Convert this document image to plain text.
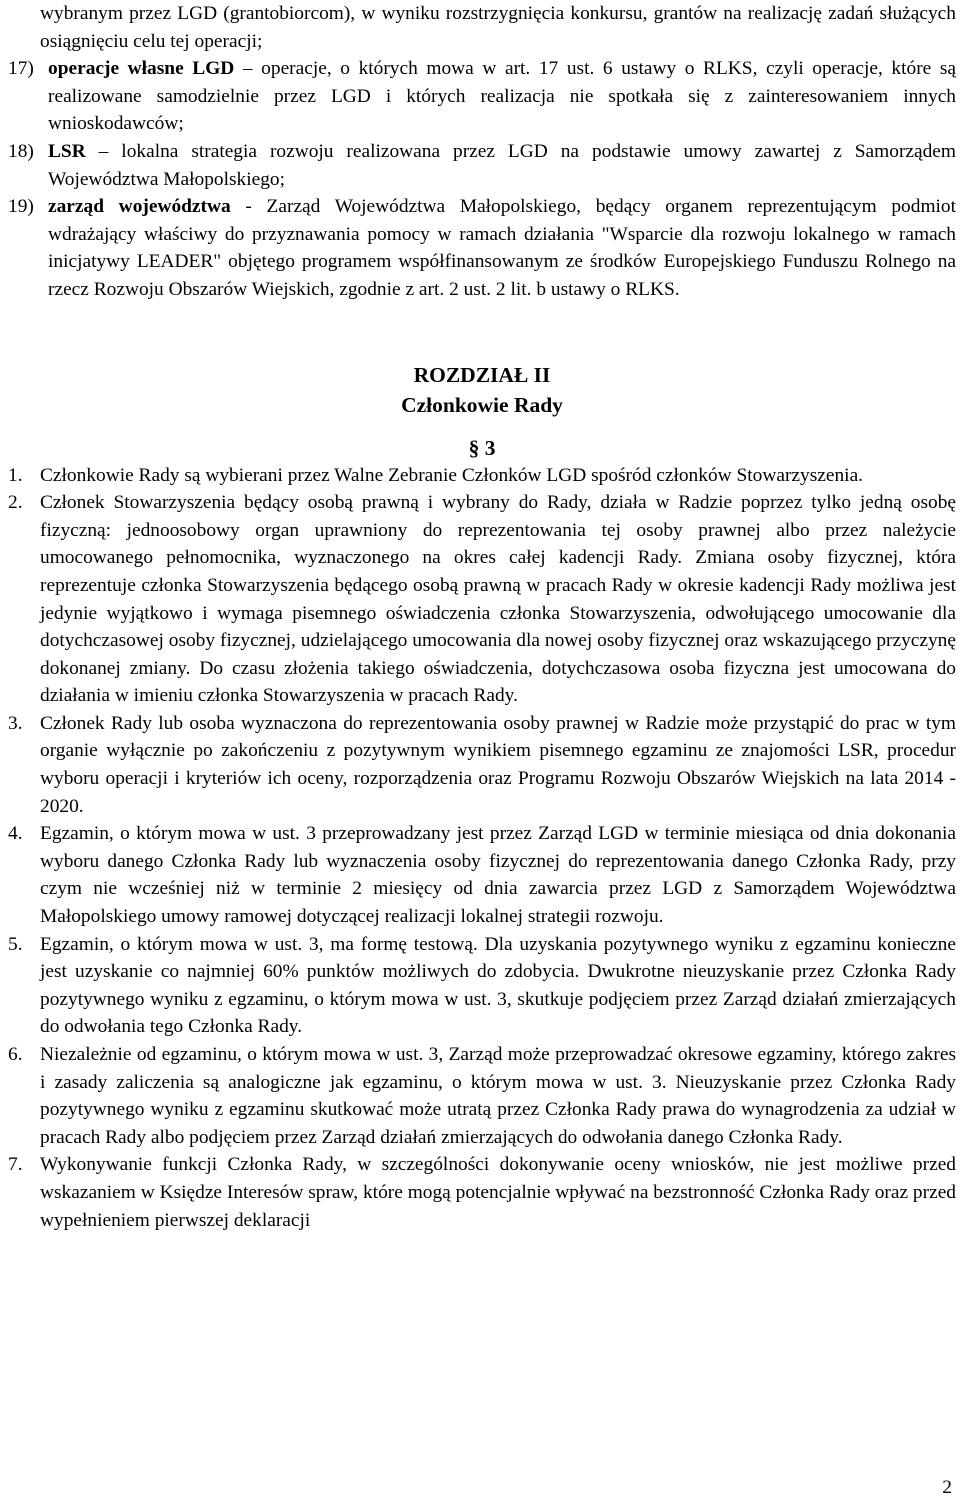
wybranym przez LGD (grantobiorcom), w wyniku rozstrzygnięcia konkursu, grantów na realizację zadań służących osiągnięciu celu tej operacji;

17) operacje własne LGD – operacje, o których mowa w art. 17 ust. 6 ustawy o RLKS, czyli operacje, które są realizowane samodzielnie przez LGD i których realizacja nie spotkała się z zainteresowaniem innych wnioskodawców;
18) LSR – lokalna strategia rozwoju realizowana przez LGD na podstawie umowy zawartej z Samorządem Województwa Małopolskiego;
19) zarząd województwa - Zarząd Województwa Małopolskiego, będący organem reprezentującym podmiot wdrażający właściwy do przyznawania pomocy w ramach działania "Wsparcie dla rozwoju lokalnego w ramach inicjatywy LEADER" objętego programem współfinansowanym ze środków Europejskiego Funduszu Rolnego na rzecz Rozwoju Obszarów Wiejskich, zgodnie z art. 2 ust. 2 lit. b ustawy o RLKS.
ROZDZIAŁ II
Członkowie Rady
§ 3
1. Członkowie Rady są wybierani przez Walne Zebranie Członków LGD spośród członków Stowarzyszenia.
2. Członek Stowarzyszenia będący osobą prawną i wybrany do Rady, działa w Radzie poprzez tylko jedną osobę fizyczną: jednoosobowy organ uprawniony do reprezentowania tej osoby prawnej albo przez należycie umocowanego pełnomocnika, wyznaczonego na okres całej kadencji Rady. Zmiana osoby fizycznej, która reprezentuje członka Stowarzyszenia będącego osobą prawną w pracach Rady w okresie kadencji Rady możliwa jest jedynie wyjątkowo i wymaga pisemnego oświadczenia członka Stowarzyszenia, odwołującego umocowanie dla dotychczasowej osoby fizycznej, udzielającego umocowania dla nowej osoby fizycznej oraz wskazującego przyczynę dokonanej zmiany. Do czasu złożenia takiego oświadczenia, dotychczasowa osoba fizyczna jest umocowana do działania w imieniu członka Stowarzyszenia w pracach Rady.
3. Członek Rady lub osoba wyznaczona do reprezentowania osoby prawnej w Radzie może przystąpić do prac w tym organie wyłącznie po zakończeniu z pozytywnym wynikiem pisemnego egzaminu ze znajomości LSR, procedur wyboru operacji i kryteriów ich oceny, rozporządzenia oraz Programu Rozwoju Obszarów Wiejskich na lata 2014 - 2020.
4. Egzamin, o którym mowa w ust. 3 przeprowadzany jest przez Zarząd LGD w terminie miesiąca od dnia dokonania wyboru danego Członka Rady lub wyznaczenia osoby fizycznej do reprezentowania danego Członka Rady, przy czym nie wcześniej niż w terminie 2 miesięcy od dnia zawarcia przez LGD z Samorządem Województwa Małopolskiego umowy ramowej dotyczącej realizacji lokalnej strategii rozwoju.
5. Egzamin, o którym mowa w ust. 3, ma formę testową. Dla uzyskania pozytywnego wyniku z egzaminu konieczne jest uzyskanie co najmniej 60% punktów możliwych do zdobycia. Dwukrotne nieuzyskanie przez Członka Rady pozytywnego wyniku z egzaminu, o którym mowa w ust. 3, skutkuje podjęciem przez Zarząd działań zmierzających do odwołania tego Członka Rady.
6. Niezależnie od egzaminu, o którym mowa w ust. 3, Zarząd może przeprowadzać okresowe egzaminy, którego zakres i zasady zaliczenia są analogiczne jak egzaminu, o którym mowa w ust. 3. Nieuzyskanie przez Członka Rady pozytywnego wyniku z egzaminu skutkować może utratą przez Członka Rady prawa do wynagrodzenia za udział w pracach Rady albo podjęciem przez Zarząd działań zmierzających do odwołania danego Członka Rady.
7. Wykonywanie funkcji Członka Rady, w szczególności dokonywanie oceny wniosków, nie jest możliwe przed wskazaniem w Księdze Interesów spraw, które mogą potencjalnie wpływać na bezstronność Członka Rady oraz przed wypełnieniem pierwszej deklaracji
2
